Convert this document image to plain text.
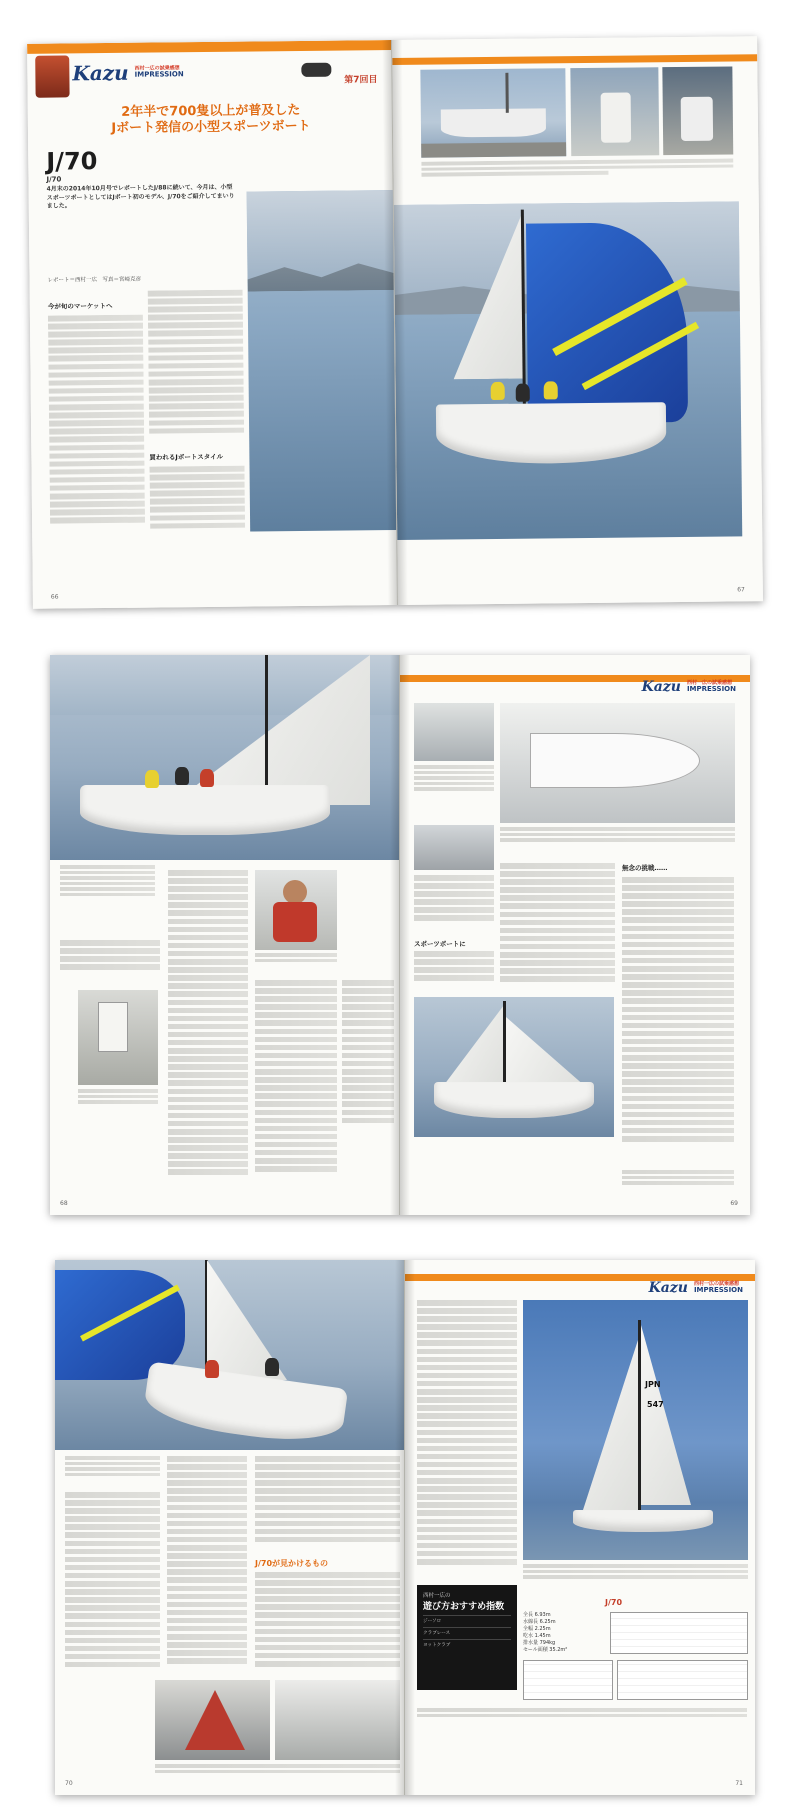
Kazu 西村一広の試乗感想
IMPRESSION
第7回目
2年半で700隻以上が普及した
Jボート発信の小型スポーツボート
J/70
J/70
4月末の2014年10月号でレポートしたJ/88に続いて、今月は、小型スポーツボートとしてはJボート初のモデル、J/70をご紹介してまいりました。
レポート＝西村一広　写真＝宮崎克彦
今が旬のマーケットへ
買われるJボートスタイル
66
67
68
Kazu 西村一広の試乗感想
IMPRESSION
スポーツボートに
無念の挑戦……
69
J/70が見かけるもの
70
Kazu 西村一広の試乗感想
IMPRESSION
JPN
547
西村一広の
遊び方おすすめ指数
ジーソロ
クラブレース
ヨットクラブ
J/70
全長 6.93m
水線長 6.25m
全幅 2.25m
吃水 1.45m
排水量 794kg
セール面積 35.2m²
71
